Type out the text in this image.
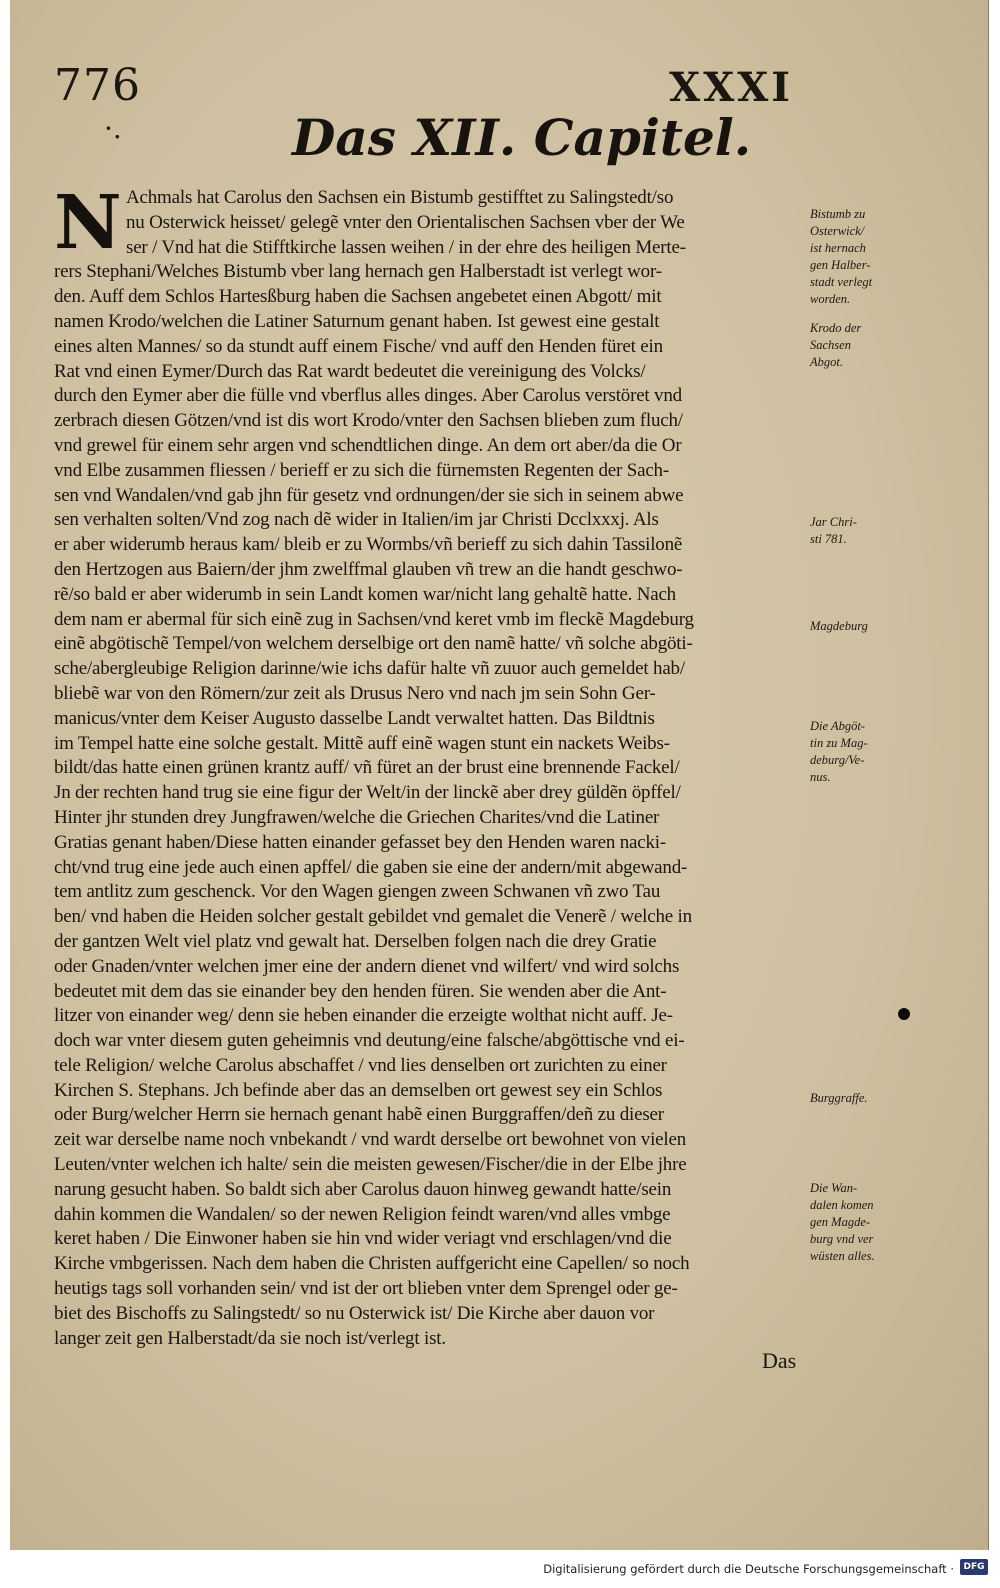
776	XXXI
·.	Das XII. Capitel.
N Achmals hat Carolus den Sachsen ein Bistumb gestifftet zu Salingstedt/so
nu Osterwick heisset/ gelegẽ vnter den Orientalischen Sachsen vber der We
ser / Vnd hat die Stifftkirche lassen weihen / in der ehre des heiligen Merte-
rers Stephani/Welches Bistumb vber lang hernach gen Halberstadt ist verlegt wor-
den. Auff dem Schlos Hartesßburg haben die Sachsen angebetet einen Abgott/ mit
namen Krodo/welchen die Latiner Saturnum genant haben. Ist gewest eine gestalt
eines alten Mannes/ so da stundt auff einem Fische/ vnd auff den Henden füret ein
Rat vnd einen Eymer/Durch das Rat wardt bedeutet die vereinigung des Volcks/
durch den Eymer aber die fülle vnd vberflus alles dinges. Aber Carolus verstöret vnd
zerbrach diesen Götzen/vnd ist dis wort Krodo/vnter den Sachsen blieben zum fluch/
vnd grewel für einem sehr argen vnd schendtlichen dinge. An dem ort aber/da die Or
vnd Elbe zusammen fliessen / berieff er zu sich die fürnemsten Regenten der Sach-
sen vnd Wandalen/vnd gab jhn für gesetz vnd ordnungen/der sie sich in seinem abwe
sen verhalten solten/Vnd zog nach dẽ wider in Italien/im jar Christi Dcclxxxj. Als
er aber widerumb heraus kam/ bleib er zu Wormbs/vñ berieff zu sich dahin Tassilonẽ
den Hertzogen aus Baiern/der jhm zwelffmal glauben vñ trew an die handt geschwo-
rẽ/so bald er aber widerumb in sein Landt komen war/nicht lang gehaltẽ hatte. Nach
dem nam er abermal für sich einẽ zug in Sachsen/vnd keret vmb im fleckẽ Magdeburg
einẽ abgötischẽ Tempel/von welchem derselbige ort den namẽ hatte/ vñ solche abgöti-
sche/abergleubige Religion darinne/wie ichs dafür halte vñ zuuor auch gemeldet hab/
bliebẽ war von den Römern/zur zeit als Drusus Nero vnd nach jm sein Sohn Ger-
manicus/vnter dem Keiser Augusto dasselbe Landt verwaltet hatten. Das Bildtnis
im Tempel hatte eine solche gestalt. Mittẽ auff einẽ wagen stunt ein nackets Weibs-
bildt/das hatte einen grünen krantz auff/ vñ füret an der brust eine brennende Fackel/
Jn der rechten hand trug sie eine figur der Welt/in der linckẽ aber drey güldẽn öpffel/
Hinter jhr stunden drey Jungfrawen/welche die Griechen Charites/vnd die Latiner
Gratias genant haben/Diese hatten einander gefasset bey den Henden waren nacki-
cht/vnd trug eine jede auch einen apffel/ die gaben sie eine der andern/mit abgewand-
tem antlitz zum geschenck. Vor den Wagen giengen zween Schwanen vñ zwo Tau
ben/ vnd haben die Heiden solcher gestalt gebildet vnd gemalet die Venerẽ / welche in
der gantzen Welt viel platz vnd gewalt hat. Derselben folgen nach die drey Gratie
oder Gnaden/vnter welchen jmer eine der andern dienet vnd wilfert/ vnd wird solchs
bedeutet mit dem das sie einander bey den henden füren. Sie wenden aber die Ant-
litzer von einander weg/ denn sie heben einander die erzeigte wolthat nicht auff. Je-
doch war vnter diesem guten geheimnis vnd deutung/eine falsche/abgöttische vnd ei-
tele Religion/ welche Carolus abschaffet / vnd lies denselben ort zurichten zu einer
Kirchen S. Stephans. Jch befinde aber das an demselben ort gewest sey ein Schlos
oder Burg/welcher Herrn sie hernach genant habẽ einen Burggraffen/deñ zu dieser
zeit war derselbe name noch vnbekandt / vnd wardt derselbe ort bewohnet von vielen
Leuten/vnter welchen ich halte/ sein die meisten gewesen/Fischer/die in der Elbe jhre
narung gesucht haben. So baldt sich aber Carolus dauon hinweg gewandt hatte/sein
dahin kommen die Wandalen/ so der newen Religion feindt waren/vnd alles vmbge
keret haben / Die Einwoner haben sie hin vnd wider veriagt vnd erschlagen/vnd die
Kirche vmbgerissen. Nach dem haben die Christen auffgericht eine Capellen/ so noch
heutigs tags soll vorhanden sein/ vnd ist der ort blieben vnter dem Sprengel oder ge-
biet des Bischoffs zu Salingstedt/ so nu Osterwick ist/ Die Kirche aber dauon vor
langer zeit gen Halberstadt/da sie noch ist/verlegt ist.
Das
Bistumb zu
Osterwick/
ist hernach
gen Halber-
stadt verlegt
worden.
Krodo der
Sachsen
Abgot.
Jar Chri-
sti 781.
Magdeburg
Die Abgöt-
tin zu Mag-
deburg/Ve-
nus.
Burggraffe.
Die Wan-
dalen komen
gen Magde-
burg vnd ver
wüsten alles.
Digitalisierung gefördert durch die Deutsche Forschungsgemeinschaft ·	DFG
